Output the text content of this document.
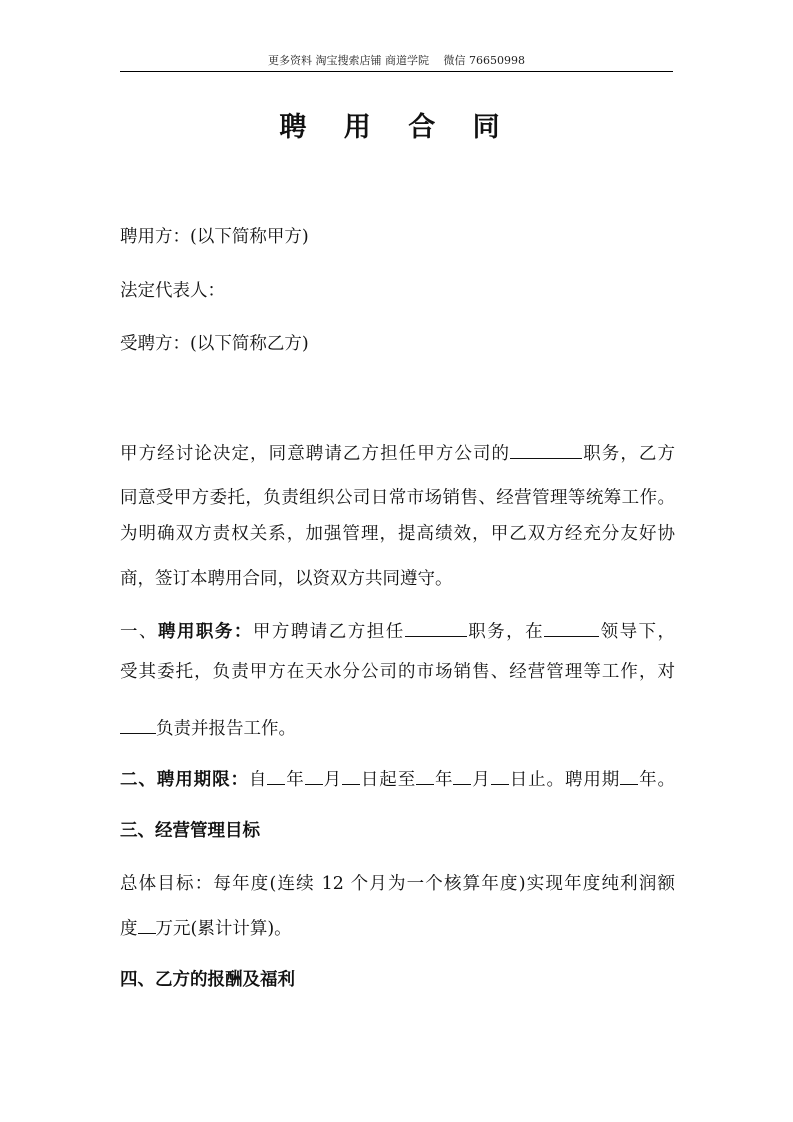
更多资料 淘宝搜索店铺 商道学院　 微信 76650998
聘 用 合 同
聘用方：(以下简称甲方)
法定代表人：
受聘方：(以下简称乙方)
甲方经讨论决定，同意聘请乙方担任甲方公司的	职务，乙方
同意受甲方委托，负责组织公司日常市场销售、经营管理等统筹工作。
为明确双方责权关系，加强管理，提高绩效，甲乙双方经充分友好协
商，签订本聘用合同，以资双方共同遵守。
一、聘用职务：甲方聘请乙方担任	职务，在	领导下，
受其委托，负责甲方在天水分公司的市场销售、经营管理等工作，对
负责并报告工作。
二、聘用期限：自 年 月 日起至 年 月 日止。聘用期 年。
三、经营管理目标
总体目标：每年度(连续 12 个月为一个核算年度)实现年度纯利润额
度 万元(累计计算)。
四、乙方的报酬及福利
